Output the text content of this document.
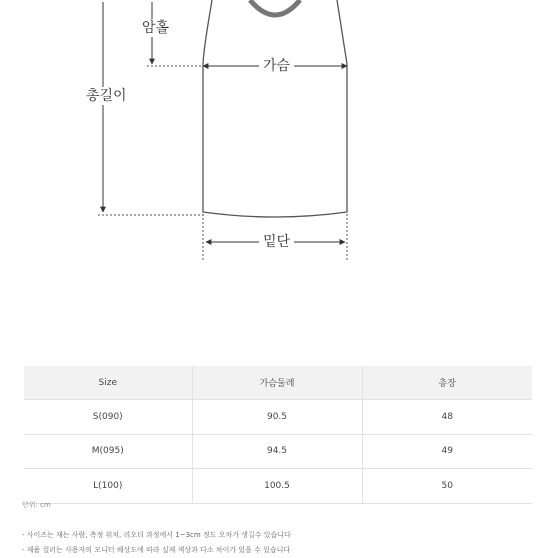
암홀
가슴
총길이
밑단
Size	가슴둘레	총장
S(090)	90.5	48
M(095)	94.5	49
L(100)	100.5	50
단위: cm
- 사이즈는 재는 사람, 측정 위치, 리오더 과정에서 1~3cm 정도 오차가 생길수 있습니다
- 제품 컬러는 사용자의 모니터 해상도에 따라 실제 색상과 다소 차이가 있을 수 있습니다
